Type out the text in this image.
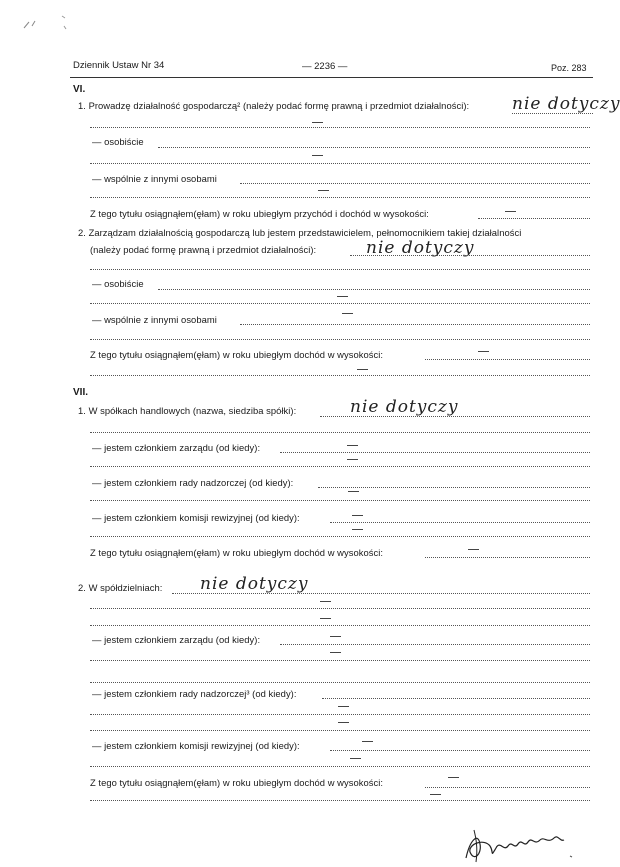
Dziennik Ustaw Nr 34	— 2236 —	Poz. 283
VI.
1. Prowadzę działalność gospodarczą² (należy podać formę prawną i przedmiot działalności):	nie dotyczy
— osobiście
— wspólnie z innymi osobami
Z tego tytułu osiągnąłem(ęłam) w roku ubiegłym przychód i dochód w wysokości:
2. Zarządzam działalnością gospodarczą lub jestem przedstawicielem, pełnomocnikiem takiej działalności
(należy podać formę prawną i przedmiot działalności):	nie dotyczy
— osobiście
— wspólnie z innymi osobami
Z tego tytułu osiągnąłem(ęłam) w roku ubiegłym dochód w wysokości:
VII.
1. W spółkach handlowych (nazwa, siedziba spółki):	nie dotyczy
— jestem członkiem zarządu (od kiedy):
— jestem członkiem rady nadzorczej (od kiedy):
— jestem członkiem komisji rewizyjnej (od kiedy):
Z tego tytułu osiągnąłem(ęłam) w roku ubiegłym dochód w wysokości:
2. W spółdzielniach: nie dotyczy
— jestem członkiem zarządu (od kiedy):
— jestem członkiem rady nadzorczej³ (od kiedy):
— jestem członkiem komisji rewizyjnej (od kiedy):
Z tego tytułu osiągnąłem(ęłam) w roku ubiegłym dochód w wysokości:
